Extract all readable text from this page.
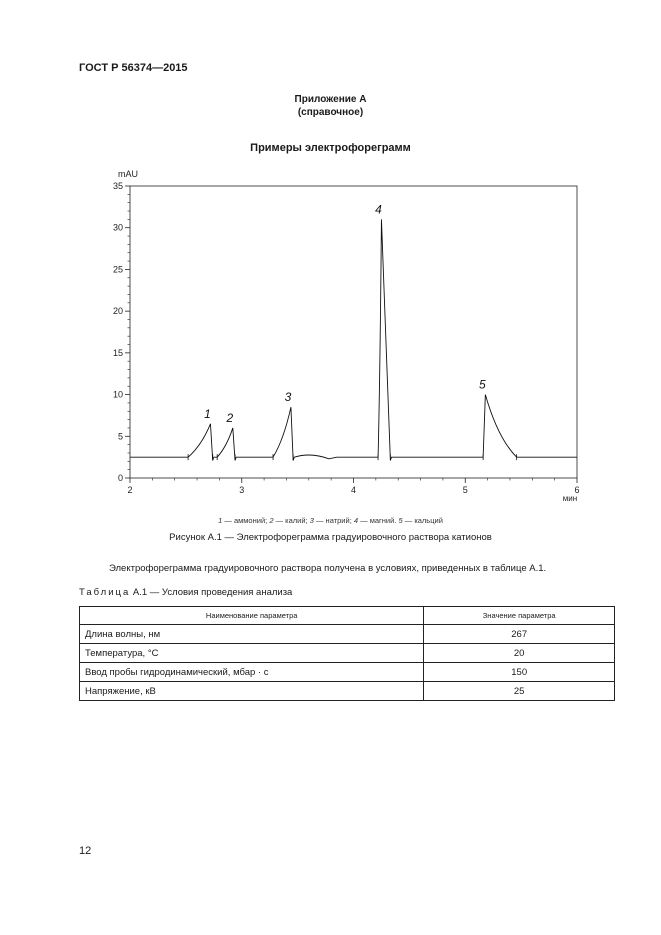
ГОСТ Р 56374—2015
Приложение А
(справочное)
Примеры электрофореграмм
0
5
10
15
20
25
30
35
mAU
2	3	4	5	6
мин
1 2
3
4
5
1 — аммоний; 2 — калий; 3 — натрий; 4 — магний. 5 — кальций
Рисунок А.1 — Электрофореграмма градуировочного раствора катионов
Электрофореграмма градуировочного раствора получена в условиях, приведенных в таблице А.1.
Таблица А.1 — Условия проведения анализа
Наименование параметра	Значение параметра
Длина волны, нм	267
Температура, °С	20
Ввод пробы гидродинамический, мбар · с	150
Напряжение, кВ	25
12
